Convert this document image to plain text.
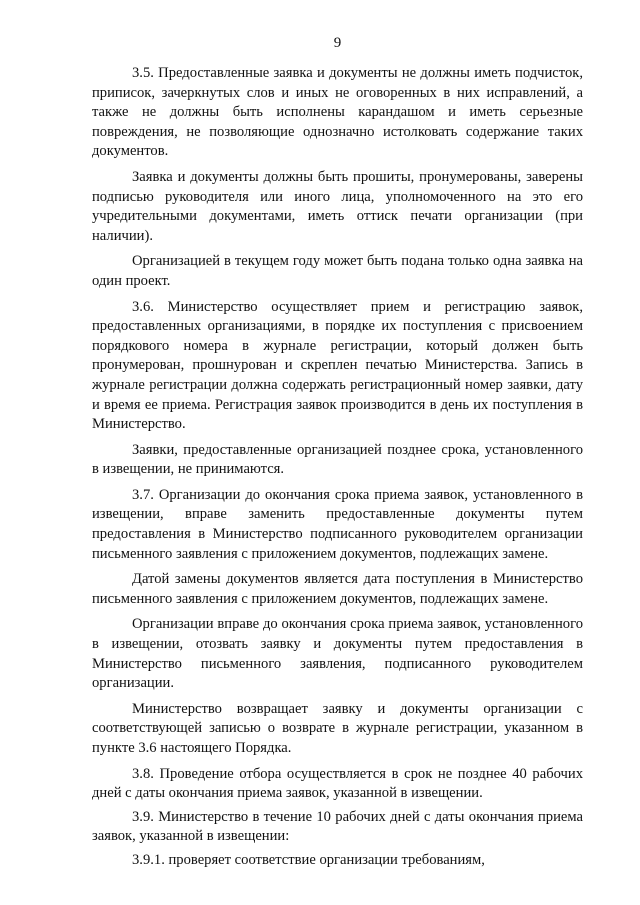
9

3.5. Предоставленные заявка и документы не должны иметь подчисток, приписок, зачеркнутых слов и иных не оговоренных в них исправлений, а также не должны быть исполнены карандашом и иметь серьезные повреждения, не позволяющие однозначно истолковать содержание таких документов.

Заявка и документы должны быть прошиты, пронумерованы, заверены подписью руководителя или иного лица, уполномоченного на это его учредительными документами, иметь оттиск печати организации (при наличии).

Организацией в текущем году может быть подана только одна заявка на один проект.

3.6. Министерство осуществляет прием и регистрацию заявок, предоставленных организациями, в порядке их поступления с присвоением порядкового номера в журнале регистрации, который должен быть пронумерован, прошнурован и скреплен печатью Министерства. Запись в журнале регистрации должна содержать регистрационный номер заявки, дату и время ее приема. Регистрация заявок производится в день их поступления в Министерство.

Заявки, предоставленные организацией позднее срока, установленного в извещении, не принимаются.

3.7. Организации до окончания срока приема заявок, установленного в извещении, вправе заменить предоставленные документы путем предоставления в Министерство подписанного руководителем организации письменного заявления с приложением документов, подлежащих замене.

Датой замены документов является дата поступления в Министерство письменного заявления с приложением документов, подлежащих замене.

Организации вправе до окончания срока приема заявок, установленного в извещении, отозвать заявку и документы путем предоставления в Министерство письменного заявления, подписанного руководителем организации.

Министерство возвращает заявку и документы организации с соответствующей записью о возврате в журнале регистрации, указанном в пункте 3.6 настоящего Порядка.

3.8. Проведение отбора осуществляется в срок не позднее 40 рабочих дней с даты окончания приема заявок, указанной в извещении.

3.9. Министерство в течение 10 рабочих дней с даты окончания приема заявок, указанной в извещении:

3.9.1. проверяет соответствие организации требованиям,
